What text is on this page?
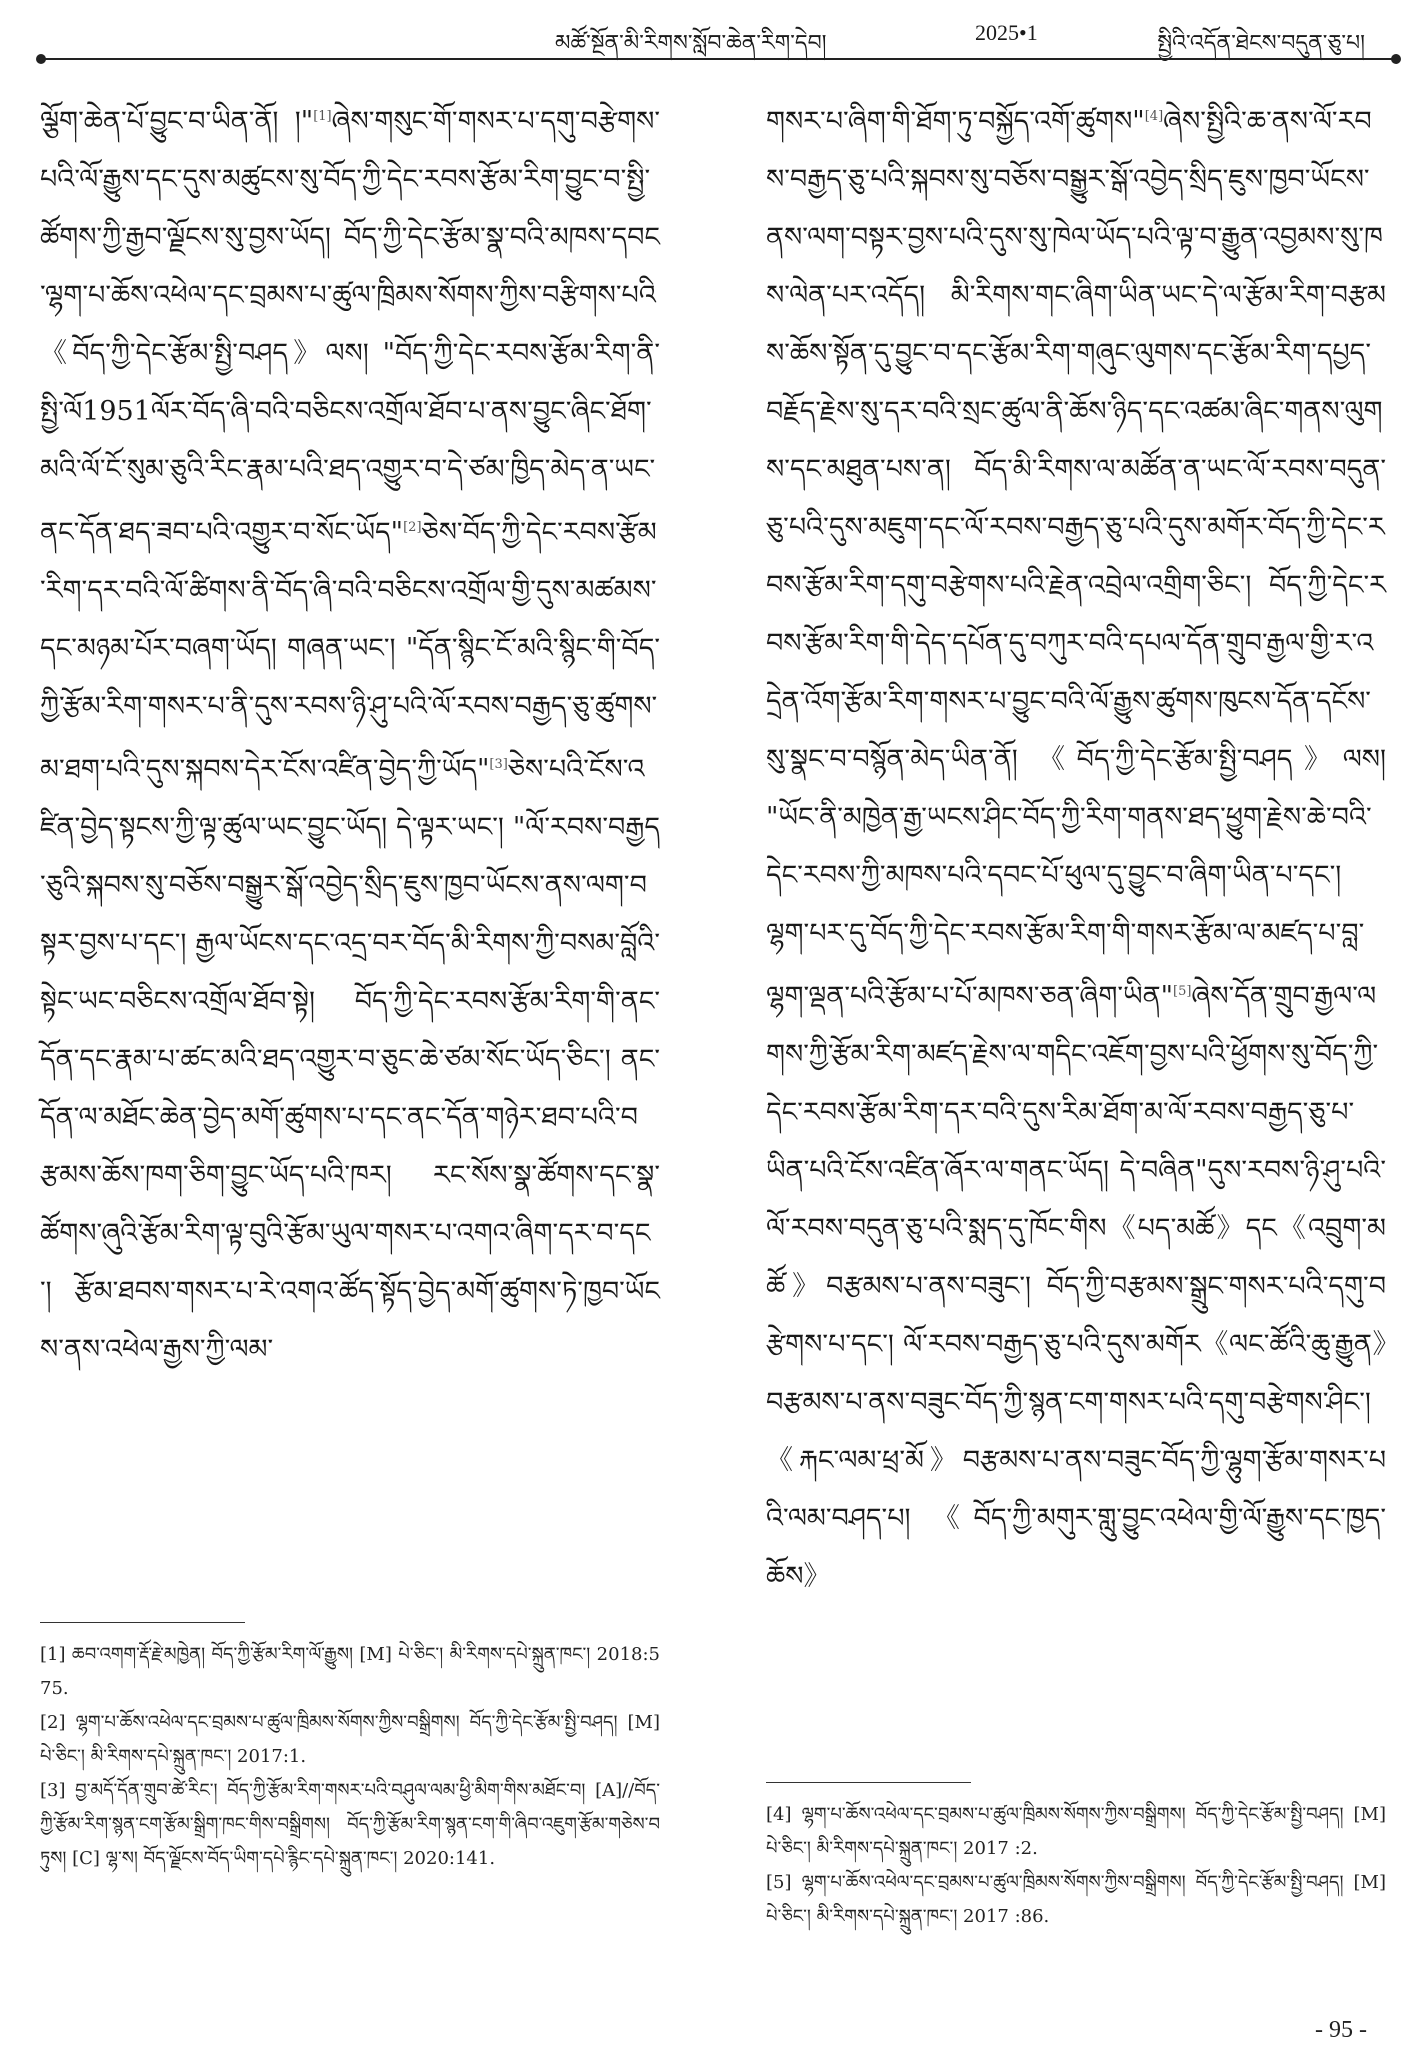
མཚོ་སྔོན་མི་རིགས་སློབ་ཆེན་རིག་དེབ།	2025•1	སྤྱིའི་འདོན་ཐེངས་བདུན་ཅུ་པ།
ལྕོག་ཆེན་པོ་བྱུང་བ་ཡིན་ནོ། །"[1]ཞེས་གསུང་གོ་གསར་པ་དགུ་བརྩེགས་པའི་ལོ་རྒྱུས་དང་དུས་མཚུངས་སུ་བོད་ཀྱི་དེང་རབས་རྩོམ་རིག་བྱུང་བ་སྤྱི་ཚོགས་ཀྱི་རྒྱབ་ལྗོངས་སུ་བྱས་ཡོད། བོད་ཀྱི་དེང་རྩོམ་སྣ་བའི་མཁས་དབང་ལྷག་པ་ཆོས་འཕེལ་དང་བྲམས་པ་ཚུལ་ཁྲིམས་སོགས་ཀྱིས་བརྩིགས་པའི《བོད་ཀྱི་དེང་རྩོམ་སྤྱི་བཤད》ལས། "བོད་ཀྱི་དེང་རབས་རྩོམ་རིག་ནི་སྤྱི་ལོ1951ལོར་བོད་ཞི་བའི་བཅིངས་འགྲོལ་ཐོབ་པ་ནས་བྱུང་ཞིང་ཐོག་མའི་ལོ་ངོ་སུམ་ཅུའི་རིང་རྣམ་པའི་ཐད་འགྱུར་བ་དེ་ཙམ་ཁྱིད་མེད་ན་ཡང་ནང་དོན་ཐད་ཟབ་པའི་འགྱུར་བ་སོང་ཡོད"[2]ཅེས་བོད་ཀྱི་དེང་རབས་རྩོམ་རིག་དར་བའི་ལོ་ཚིགས་ནི་བོད་ཞི་བའི་བཅིངས་འགྲོལ་གྱི་དུས་མཚམས་དང་མཉམ་པོར་བཞག་ཡོད། གཞན་ཡང་། "དོན་སྙིང་ངོ་མའི་སྙིང་གི་བོད་ཀྱི་རྩོམ་རིག་གསར་པ་ནི་དུས་རབས་ཉི་ཤུ་པའི་ལོ་རབས་བརྒྱད་ཅུ་ཚུགས་མ་ཐག་པའི་དུས་སྐབས་དེར་ངོས་འཛིན་བྱེད་ཀྱི་ཡོད"[3]ཅེས་པའི་ངོས་འཛིན་བྱེད་སྟངས་ཀྱི་ལྟ་ཚུལ་ཡང་བྱུང་ཡོད། དེ་ལྟར་ཡང་། "ལོ་རབས་བརྒྱད་ཅུའི་སྐབས་སུ་བཅོས་བསྒྱུར་སྒོ་འབྱེད་སྲིད་ཇུས་ཁྱབ་ཡོངས་ནས་ལག་བསྟར་བྱས་པ་དང་། རྒྱལ་ཡོངས་དང་འདྲ་བར་བོད་མི་རིགས་ཀྱི་བསམ་བློའི་སྟེང་ཡང་བཅིངས་འགྲོལ་ཐོབ་སྟེ། བོད་ཀྱི་དེང་རབས་རྩོམ་རིག་གི་ནང་དོན་དང་རྣམ་པ་ཚང་མའི་ཐད་འགྱུར་བ་ཅུང་ཆེ་ཙམ་སོང་ཡོད་ཅིང་། ནང་དོན་ལ་མཐོང་ཆེན་བྱེད་མགོ་ཚུགས་པ་དང་ནང་དོན་གཉེར་ཐབ་པའི་བརྩམས་ཆོས་ཁག་ཅིག་བྱུང་ཡོད་པའི་ཁར། རང་སོས་སྣ་ཚོགས་དང་སྣ་ཚོགས་ཞུའི་རྩོམ་རིག་ལྟ་བུའི་རྩོམ་ཡུལ་གསར་པ་འགའ་ཞིག་དར་བ་དང་། རྩོམ་ཐབས་གསར་པ་རེ་འགའ་ཚོད་སྟོད་བྱེད་མགོ་ཚུགས་ཏེ་ཁྱབ་ཡོངས་ནས་འཕེལ་རྒྱས་ཀྱི་ལམ་
གསར་པ་ཞིག་གི་ཐོག་ཏུ་བསྐྱོད་འགོ་ཚུགས"[4]ཞེས་སྤྱིའི་ཆ་ནས་ལོ་རབས་བརྒྱད་ཅུ་པའི་སྐབས་སུ་བཅོས་བསྒྱུར་སྒོ་འབྱེད་སྲིད་ཇུས་ཁྱབ་ཡོངས་ནས་ལག་བསྟར་བྱས་པའི་དུས་སུ་ཁེལ་ཡོད་པའི་ལྟ་བ་རྒྱུན་འབྱམས་སུ་ཁས་ལེན་པར་འདོད། མི་རིགས་གང་ཞིག་ཡིན་ཡང་དེ་ལ་རྩོམ་རིག་བརྩམས་ཆོས་སྟོན་དུ་བྱུང་བ་དང་རྩོམ་རིག་གཞུང་ལུགས་དང་རྩོམ་རིག་དཔྱད་བརྗོད་རྗེས་སུ་དར་བའི་སྲང་ཚུལ་ནི་ཆོས་ཉིད་དང་འཚམ་ཞིང་གནས་ལུགས་དང་མཐུན་པས་ན། བོད་མི་རིགས་ལ་མཚོན་ན་ཡང་ལོ་རབས་བདུན་ཅུ་པའི་དུས་མཇུག་དང་ལོ་རབས་བརྒྱད་ཅུ་པའི་དུས་མགོར་བོད་ཀྱི་དེང་རབས་རྩོམ་རིག་དགུ་བརྩེགས་པའི་རྗེན་འབྲེལ་འགྲིག་ཅིང་། བོད་ཀྱི་དེང་རབས་རྩོམ་རིག་གི་དེད་དཔོན་དུ་བཀུར་བའི་དཔལ་དོན་གྲུབ་རྒྱལ་གྱི་ར་འདྲེན་འོག་རྩོམ་རིག་གསར་པ་བྱུང་བའི་ལོ་རྒྱུས་ཚུགས་ཁུངས་དོན་དངོས་སུ་སྣང་བ་བསྙོན་མེད་ཡིན་ནོ། 《བོད་ཀྱི་དེང་རྩོམ་སྤྱི་བཤད》ལས། "ཡོང་ནི་མཁྱེན་རྒྱ་ཡངས་ཤིང་བོད་ཀྱི་རིག་གནས་ཐད་ཕྱུག་རྗེས་ཆེ་བའི་དེང་རབས་ཀྱི་མཁས་པའི་དབང་པོ་ཕུལ་དུ་བྱུང་བ་ཞིག་ཡིན་པ་དང་། ལྷག་པར་དུ་བོད་ཀྱི་དེང་རབས་རྩོམ་རིག་གི་གསར་རྩོམ་ལ་མཛད་པ་བླ་ལྷག་ལྡན་པའི་རྩོམ་པ་པོ་མཁས་ཅན་ཞིག་ཡིན"[5]ཞེས་དོན་གྲུབ་རྒྱལ་ལགས་ཀྱི་རྩོམ་རིག་མཛད་རྗེས་ལ་གདིང་འཇོག་བྱས་པའི་ཕྱོགས་སུ་བོད་ཀྱི་དེང་རབས་རྩོམ་རིག་དར་བའི་དུས་རིམ་ཐོག་མ་ལོ་རབས་བརྒྱད་ཅུ་པ་ཡིན་པའི་ངོས་འཛིན་ཞོར་ལ་གནང་ཡོད། དེ་བཞིན"དུས་རབས་ཉི་ཤུ་པའི་ལོ་རབས་བདུན་ཅུ་པའི་སྨད་དུ་ཁོང་གིས《པད་མཚོ》དང《འབྲུག་མཚོ》བརྩམས་པ་ནས་བཟུང་། བོད་ཀྱི་བརྩམས་སྒྲུང་གསར་པའི་དགུ་བརྩེགས་པ་དང་། ལོ་རབས་བརྒྱད་ཅུ་པའི་དུས་མགོར《ལང་ཚོའི་ཆུ་རྒྱུན》བརྩམས་པ་ནས་བཟུང་བོད་ཀྱི་སྙན་ངག་གསར་པའི་དགུ་བརྩེགས་ཤིང་། 《རྐང་ལམ་ཕྲ་མོ》བརྩམས་པ་ནས་བཟུང་བོད་ཀྱི་ལྷུག་རྩོམ་གསར་པའི་ལམ་བཤད་པ། 《བོད་ཀྱི་མགུར་གླུ་བྱུང་འཕེལ་གྱི་ལོ་རྒྱུས་དང་ཁྱད་ཆོས》

[1] ཆབ་འགག་རྡོ་རྗེ་མཁྱེན། བོད་ཀྱི་རྩོམ་རིག་ལོ་རྒྱུས། [M] པེ་ཅིང་། མི་རིགས་དཔེ་སྐྲུན་ཁང་། 2018:575.

[2] ལྷག་པ་ཆོས་འཕེལ་དང་བྲམས་པ་ཚུལ་ཁྲིམས་སོགས་ཀྱིས་བསྒྲིགས། བོད་ཀྱི་དེང་རྩོམ་སྤྱི་བཤད། [M] པེ་ཅིང་། མི་རིགས་དཔེ་སྐྲུན་ཁང་། 2017:1.

[3] བྱ་མདོ་དོན་གྲུབ་ཚེ་རིང་། བོད་ཀྱི་རྩོམ་རིག་གསར་པའི་བཤུལ་ལམ་ཕྱི་མིག་གིས་མཐོང་བ། [A]//བོད་ཀྱི་རྩོམ་རིག་སྙན་ངག་རྩོམ་སྒྲིག་ཁང་གིས་བསྒྲིགས། བོད་ཀྱི་རྩོམ་རིག་སྙན་ངག་གི་ཞིབ་འཇུག་རྩོམ་གཅེས་བཏུས། [C] ལྷ་ས། བོད་ལྗོངས་བོད་ཡིག་དཔེ་རྙིང་དཔེ་སྐྲུན་ཁང་། 2020:141.

[4] ལྷག་པ་ཆོས་འཕེལ་དང་བྲམས་པ་ཚུལ་ཁྲིམས་སོགས་ཀྱིས་བསྒྲིགས། བོད་ཀྱི་དེང་རྩོམ་སྤྱི་བཤད། [M] པེ་ཅིང་། མི་རིགས་དཔེ་སྐྲུན་ཁང་། 2017 :2.

[5] ལྷག་པ་ཆོས་འཕེལ་དང་བྲམས་པ་ཚུལ་ཁྲིམས་སོགས་ཀྱིས་བསྒྲིགས། བོད་ཀྱི་དེང་རྩོམ་སྤྱི་བཤད། [M] པེ་ཅིང་། མི་རིགས་དཔེ་སྐྲུན་ཁང་། 2017 :86.

- 95 -
